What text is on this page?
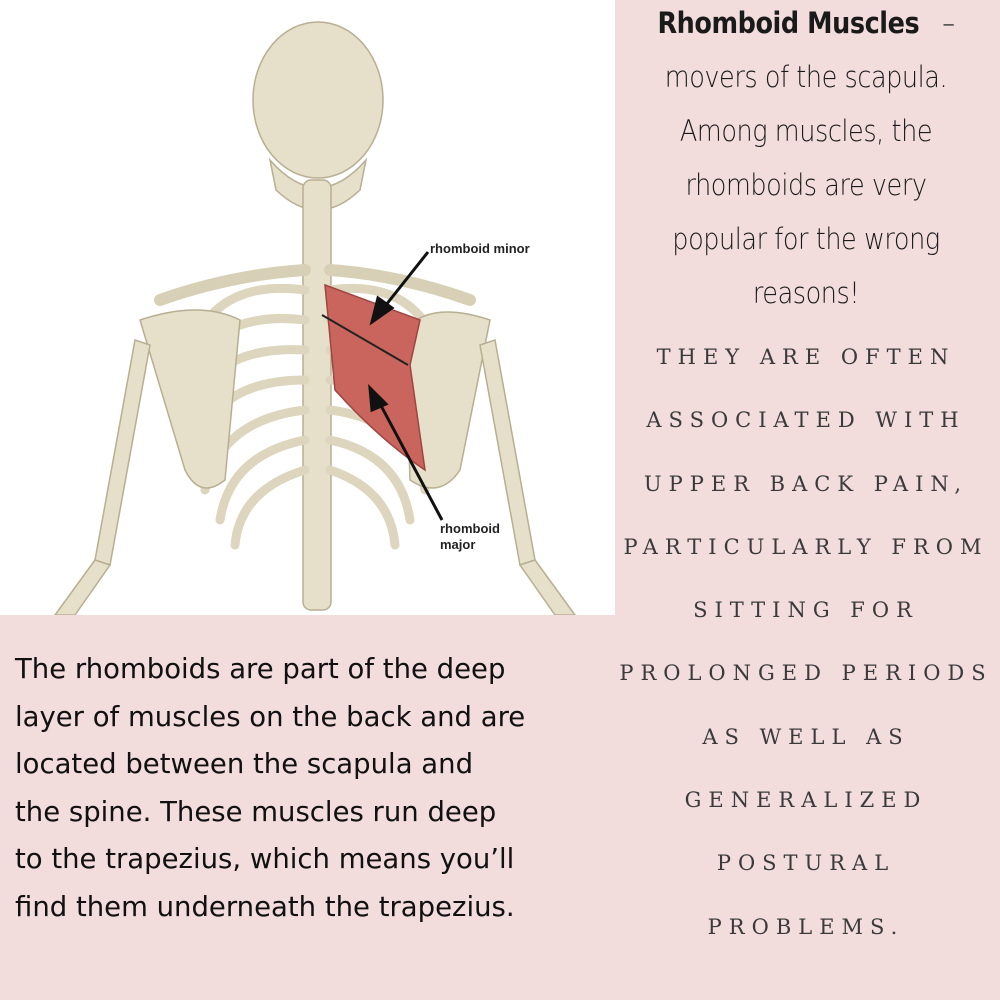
rhomboid minor
rhomboid
major
Rhomboid Muscles –
movers of the scapula.
Among muscles, the
rhomboids are very
popular for the wrong
reasons!
THEY ARE OFTEN
ASSOCIATED WITH
UPPER BACK PAIN,
PARTICULARLY FROM
SITTING FOR
PROLONGED PERIODS
AS WELL AS
GENERALIZED
POSTURAL
PROBLEMS.
The rhomboids are part of the deep
layer of muscles on the back and are
located between the scapula and
the spine. These muscles run deep
to the trapezius, which means you’ll
find them underneath the trapezius.
